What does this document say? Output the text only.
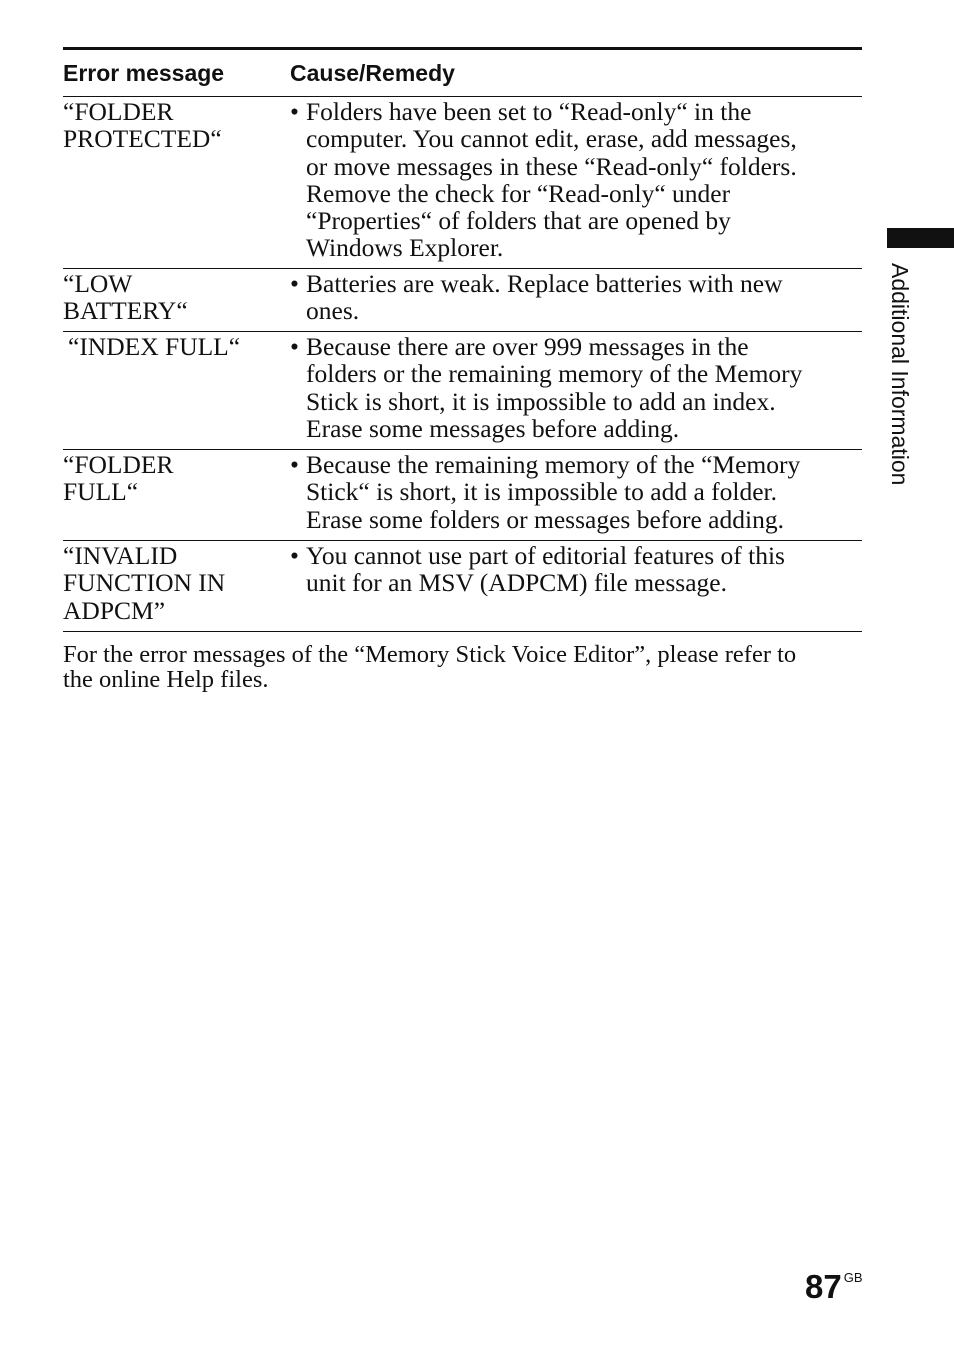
Error message	Cause/Remedy
“FOLDER
PROTECTED“
• Folders have been set to “Read-only“ in the
computer. You cannot edit, erase, add messages,
or move messages in these “Read-only“ folders.
Remove the check for “Read-only“ under
“Properties“ of folders that are opened by
Windows Explorer.
“LOW
BATTERY“
• Batteries are weak. Replace batteries with new
ones.
“INDEX FULL“	• Because there are over 999 messages in the
folders or the remaining memory of the Memory
Stick is short, it is impossible to add an index.
Erase some messages before adding.
“FOLDER
FULL“
• Because the remaining memory of the “Memory
Stick“ is short, it is impossible to add a folder.
Erase some folders or messages before adding.
“INVALID
FUNCTION IN
ADPCM”
• You cannot use part of editorial features of this
unit for an MSV (ADPCM) file message.
For the error messages of the “Memory Stick Voice Editor”, please refer to
the online Help files.
Additional Information
87 $^{GB}$
